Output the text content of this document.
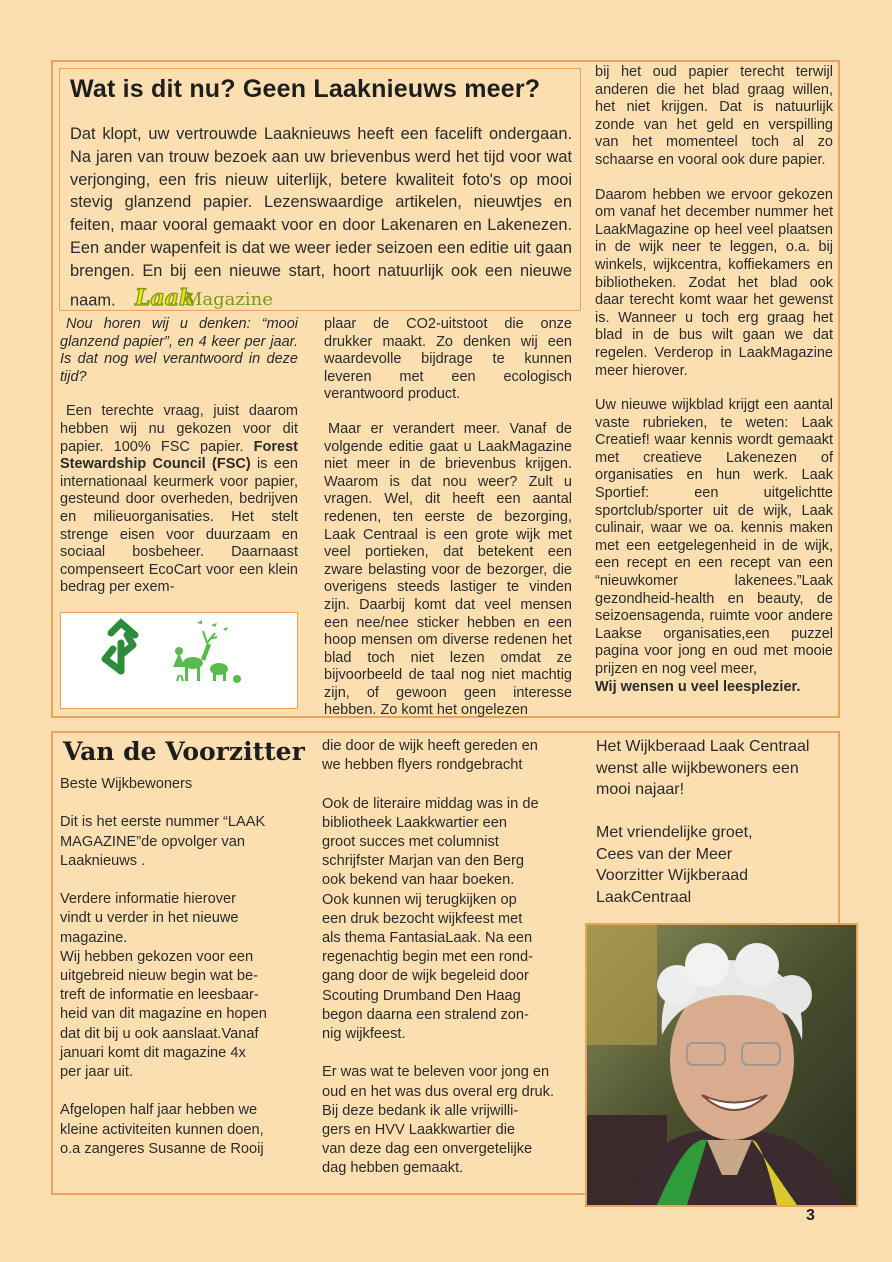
Wat is dit nu? Geen Laaknieuws meer?
Dat klopt, uw vertrouwde Laaknieuws heeft een facelift ondergaan. Na jaren van trouw bezoek aan uw brievenbus werd het tijd voor wat verjonging, een fris nieuw uiterlijk, betere kwaliteit foto's op mooi stevig glanzend papier. Lezenswaardige artikelen, nieuwtjes en feiten, maar vooral gemaakt voor en door Lakenaren en Lakenezen. Een ander wapenfeit is dat we weer ieder seizoen een editie uit gaan brengen. En bij een nieuwe start, hoort natuurlijk ook een nieuwe naam. Laak
Magazine

Nou horen wij u denken: “mooi glanzend papier”, en 4 keer per jaar. Is dat nog wel verantwoord in deze tijd?

Een terechte vraag, juist daarom hebben wij nu gekozen voor dit papier. 100% FSC papier. Forest Stewardship Council (FSC) is een internationaal keurmerk voor papier, gesteund door overheden, bedrijven en milieuorganisaties. Het stelt strenge eisen voor duurzaam en sociaal bosbeheer. Daarnaast compenseert EcoCart voor een klein bedrag per exem-

plaar de CO2-uitstoot die onze drukker maakt. Zo denken wij een waardevolle bijdrage te kunnen leveren met een ecologisch verantwoord product.

Maar er verandert meer. Vanaf de volgende editie gaat u LaakMagazine niet meer in de brievenbus krijgen. Waarom is dat nou weer? Zult u vragen. Wel, dit heeft een aantal redenen, ten eerste de bezorging, Laak Centraal is een grote wijk met veel portieken, dat betekent een zware belasting voor de bezorger, die overigens steeds lastiger te vinden zijn. Daarbij komt dat veel mensen een nee/nee sticker hebben en een hoop mensen om diverse redenen het blad toch niet lezen omdat ze bijvoorbeeld de taal nog niet machtig zijn, of gewoon geen interesse hebben. Zo komt het ongelezen

bij het oud papier terecht terwijl anderen die het blad graag willen, het niet krijgen. Dat is natuurlijk zonde van het geld en verspilling van het momenteel toch al zo schaarse en vooral ook dure papier.

Daarom hebben we ervoor gekozen om vanaf het december nummer het LaakMagazine op heel veel plaatsen in de wijk neer te leggen, o.a. bij winkels, wijkcentra, koffiekamers en bibliotheken. Zodat het blad ook daar terecht komt waar het gewenst is. Wanneer u toch erg graag het blad in de bus wilt gaan we dat regelen. Verderop in LaakMagazine meer hierover.

Uw nieuwe wijkblad krijgt een aantal vaste rubrieken, te weten: Laak Creatief! waar kennis wordt gemaakt met creatieve Lakenezen of organisaties en hun werk. Laak Sportief: een uitgelichtte sportclub/sporter uit de wijk, Laak culinair, waar we oa. kennis maken met een eetgelegenheid in de wijk, een recept en een recept van een “nieuwkomer lakenees.”Laak gezondheid-health en beauty, de seizoensagenda, ruimte voor andere Laakse organisaties,een puzzel pagina voor jong en oud met mooie prijzen en nog veel meer,

Wij wensen u veel leesplezier.

Van de Voorzitter
Beste Wijkbewoners

Dit is het eerste nummer “LAAK
MAGAZINE”de opvolger van
Laaknieuws .

Verdere informatie hierover
vindt u verder in het nieuwe
magazine.
Wij hebben gekozen voor een
uitgebreid nieuw begin wat be-
treft de informatie en leesbaar-
heid van dit magazine en hopen
dat dit bij u ook aanslaat.Vanaf
januari komt dit magazine 4x
per jaar uit.

Afgelopen half jaar hebben we
kleine activiteiten kunnen doen,
o.a zangeres Susanne de Rooij
die door de wijk heeft gereden en
we hebben flyers rondgebracht

Ook de literaire middag was in de
bibliotheek Laakkwartier een
groot succes met columnist
schrijfster Marjan van den Berg
ook bekend van haar boeken.
Ook kunnen wij terugkijken op
een druk bezocht wijkfeest met
als thema FantasiaLaak. Na een
regenachtig begin met een rond-
gang door de wijk begeleid door
Scouting Drumband Den Haag
begon daarna een stralend zon-
nig wijkfeest.

Er was wat te beleven voor jong en
oud en het was dus overal erg druk.
Bij deze bedank ik alle vrijwilli-
gers en HVV Laakkwartier die
van deze dag een onvergetelijke
dag hebben gemaakt.
Het Wijkberaad Laak Centraal
wenst alle wijkbewoners een
mooi najaar!

Met vriendelijke groet,
Cees van der Meer
Voorzitter Wijkberaad
LaakCentraal
3
